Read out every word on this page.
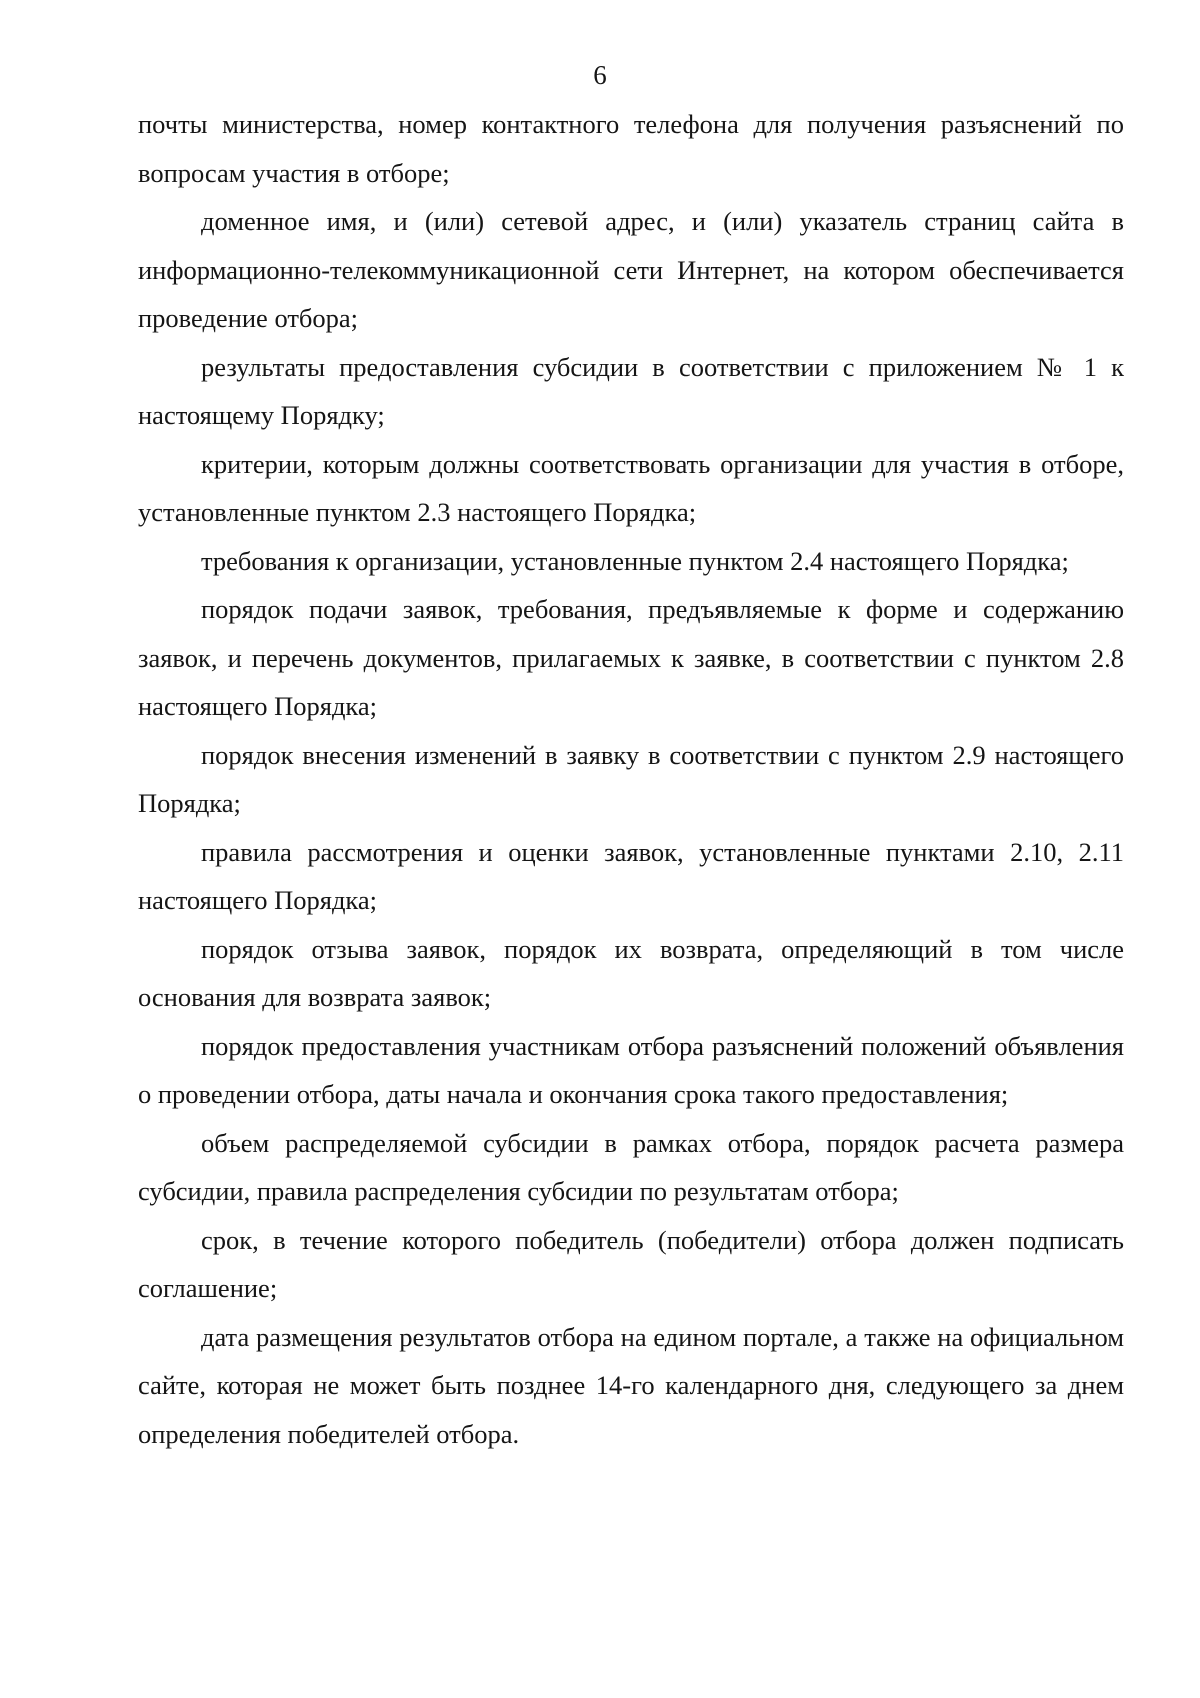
6

почты министерства, номер контактного телефона для получения разъяснений по вопросам участия в отборе;

доменное имя, и (или) сетевой адрес, и (или) указатель страниц сайта в информационно-телекоммуникационной сети Интернет, на котором обеспечивается проведение отбора;

результаты предоставления субсидии в соответствии с приложением № 1 к настоящему Порядку;

критерии, которым должны соответствовать организации для участия в отборе, установленные пунктом 2.3 настоящего Порядка;

требования к организации, установленные пунктом 2.4 настоящего Порядка;

порядок подачи заявок, требования, предъявляемые к форме и содержанию заявок, и перечень документов, прилагаемых к заявке, в соответствии с пунктом 2.8 настоящего Порядка;

порядок внесения изменений в заявку в соответствии с пунктом 2.9 настоящего Порядка;

правила рассмотрения и оценки заявок, установленные пунктами 2.10, 2.11 настоящего Порядка;

порядок отзыва заявок, порядок их возврата, определяющий в том числе основания для возврата заявок;

порядок предоставления участникам отбора разъяснений положений объявления о проведении отбора, даты начала и окончания срока такого предоставления;

объем распределяемой субсидии в рамках отбора, порядок расчета размера субсидии, правила распределения субсидии по результатам отбора;

срок, в течение которого победитель (победители) отбора должен подписать соглашение;

дата размещения результатов отбора на едином портале, а также на официальном сайте, которая не может быть позднее 14-го календарного дня, следующего за днем определения победителей отбора.
